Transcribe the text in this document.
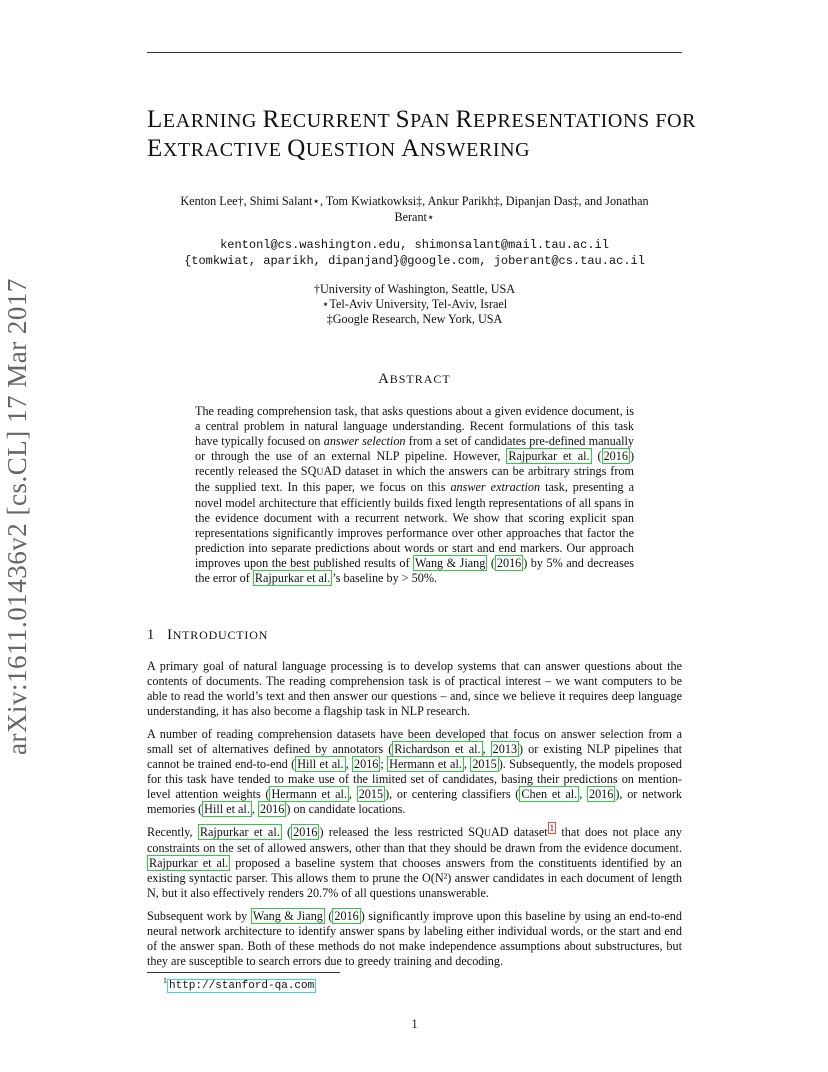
arXiv:1611.01436v2 [cs.CL] 17 Mar 2017
LEARNING RECURRENT SPAN REPRESENTATIONS FOR
EXTRACTIVE QUESTION ANSWERING
Kenton Lee†, Shimi Salant⋆, Tom Kwiatkowksi‡, Ankur Parikh‡, Dipanjan Das‡, and Jonathan
Berant⋆
kentonl@cs.washington.edu, shimonsalant@mail.tau.ac.il
{tomkwiat, aparikh, dipanjand}@google.com, joberant@cs.tau.ac.il
†University of Washington, Seattle, USA
⋆Tel-Aviv University, Tel-Aviv, Israel
‡Google Research, New York, USA
ABSTRACT
The reading comprehension task, that asks questions about a given evidence document, is a central problem in natural language understanding. Recent formulations of this task have typically focused on answer selection from a set of candidates pre-defined manually or through the use of an external NLP pipeline. However, Rajpurkar et al. ( 2016 ) recently released the SQUAD dataset in which the answers can be arbitrary strings from the supplied text. In this paper, we focus on this answer extraction task, presenting a novel model architecture that efficiently builds fixed length representations of all spans in the evidence document with a recurrent network. We show that scoring explicit span representations significantly improves performance over other approaches that factor the prediction into separate predictions about words or start and end markers. Our approach improves upon the best published results of Wang & Jiang ( 2016 ) by 5% and decreases the error of Rajpurkar et al. ’s baseline by > 50%.
1 INTRODUCTION

A primary goal of natural language processing is to develop systems that can answer questions about the contents of documents. The reading comprehension task is of practical interest – we want computers to be able to read the world’s text and then answer our questions – and, since we believe it requires deep language understanding, it has also become a flagship task in NLP research.

A number of reading comprehension datasets have been developed that focus on answer selection from a small set of alternatives defined by annotators ( Richardson et al. , 2013 ) or existing NLP pipelines that cannot be trained end-to-end ( Hill et al. , 2016 ; Hermann et al. , 2015 ). Subsequently, the models proposed for this task have tended to make use of the limited set of candidates, basing their predictions on mention-level attention weights ( Hermann et al. , 2015 ), or centering classifiers ( Chen et al. , 2016 ), or network memories ( Hill et al. , 2016 ) on candidate locations.

Recently, Rajpurkar et al. ( 2016 ) released the less restricted SQUAD dataset $^1$ that does not place any constraints on the set of allowed answers, other than that they should be drawn from the evidence document. Rajpurkar et al. proposed a baseline system that chooses answers from the constituents identified by an existing syntactic parser. This allows them to prune the O(N²) answer candidates in each document of length N, but it also effectively renders 20.7% of all questions unanswerable.

Subsequent work by Wang & Jiang ( 2016 ) significantly improve upon this baseline by using an end-to-end neural network architecture to identify answer spans by labeling either individual words, or the start and end of the answer span. Both of these methods do not make independence assumptions about substructures, but they are susceptible to search errors due to greedy training and decoding.

$^1$ http://stanford-qa.com
1
